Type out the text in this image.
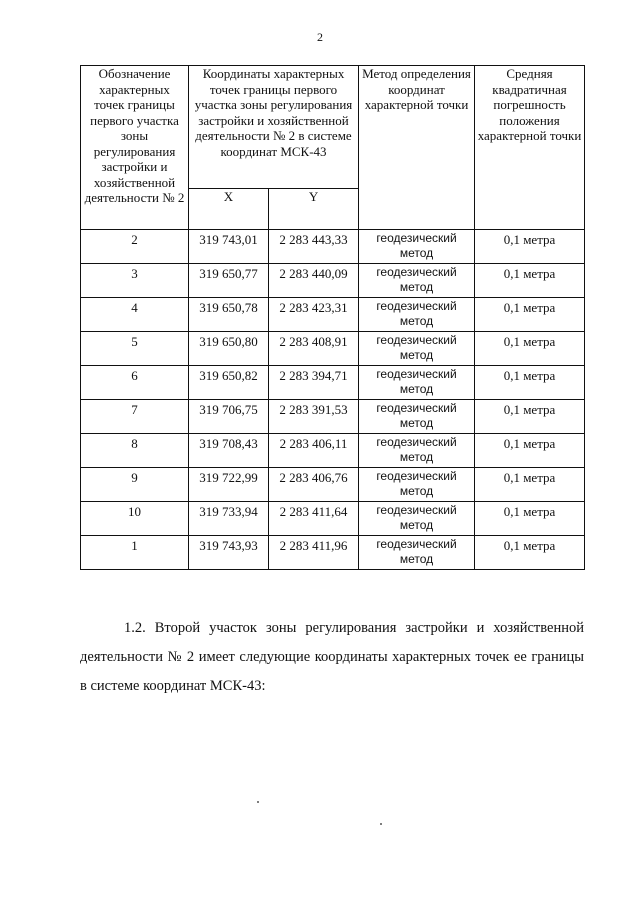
2
Обозначение характерных точек границы первого участка зоны регулирования застройки и хозяйственной деятельности № 2	Координаты характерных точек границы первого участка зоны регулирования застройки и хозяйственной деятельности № 2 в системе координат МСК-43		Метод определения координат характерной точки	Средняя квадратичная погрешность положения характерной точки
	X	Y		
2	319 743,01	2 283 443,33	геодезический метод	0,1 метра
3	319 650,77	2 283 440,09	геодезический метод	0,1 метра
4	319 650,78	2 283 423,31	геодезический метод	0,1 метра
5	319 650,80	2 283 408,91	геодезический метод	0,1 метра
6	319 650,82	2 283 394,71	геодезический метод	0,1 метра
7	319 706,75	2 283 391,53	геодезический метод	0,1 метра
8	319 708,43	2 283 406,11	геодезический метод	0,1 метра
9	319 722,99	2 283 406,76	геодезический метод	0,1 метра
10	319 733,94	2 283 411,64	геодезический метод	0,1 метра
1	319 743,93	2 283 411,96	геодезический метод	0,1 метра
1.2. Второй участок зоны регулирования застройки и хозяйственной деятельности № 2 имеет следующие координаты характерных точек ее границы в системе координат МСК-43:
